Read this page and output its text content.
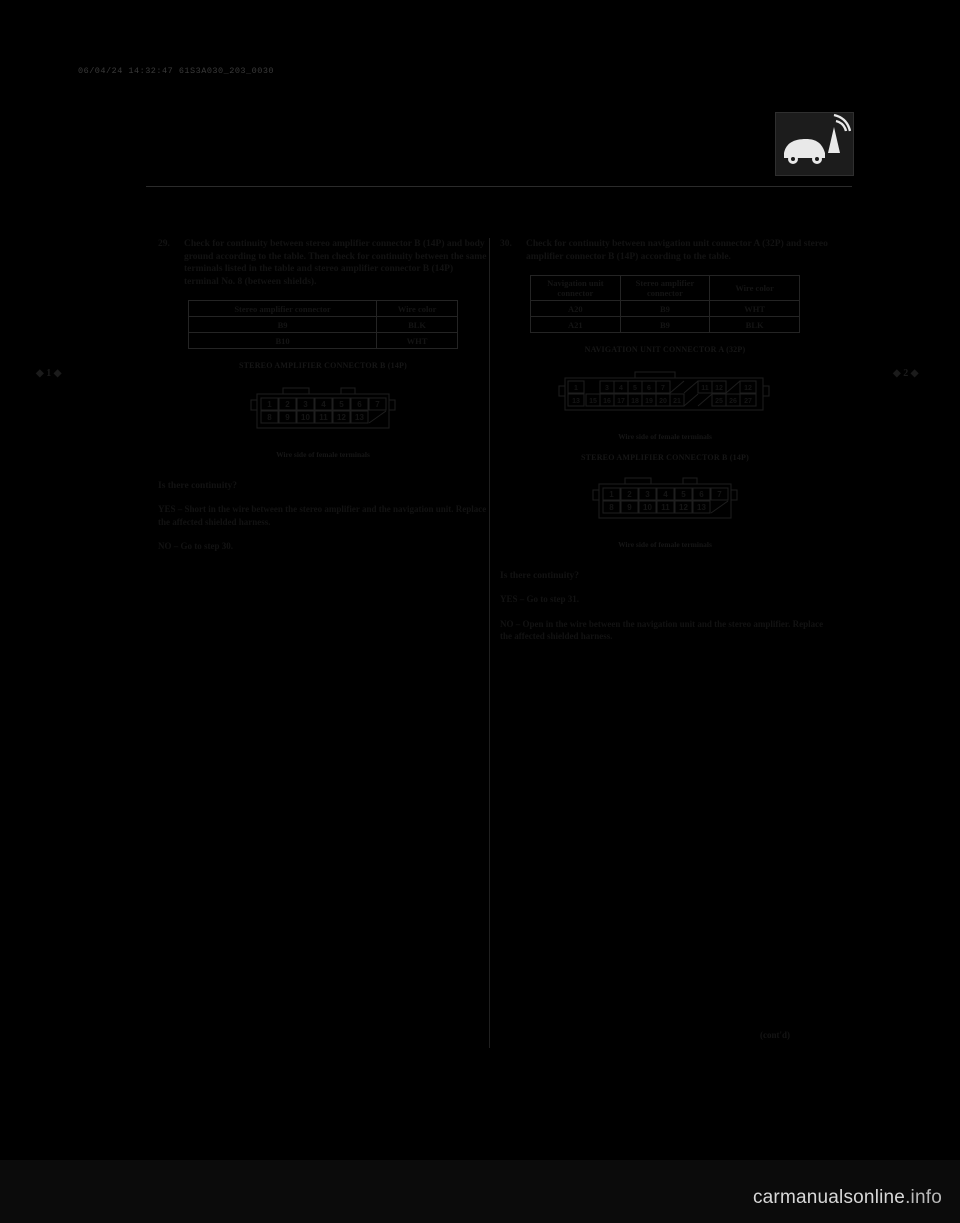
06/04/24 14:32:47 61S3A030_203_0030
◆ 1 ◆	◆ 2 ◆
29.	Check for continuity between stereo amplifier connector B (14P) and body ground according to the table. Then check for continuity between the same terminals listed in the table and stereo amplifier connector B (14P) terminal No. 8 (between shields).
Stereo amplifier connector	Wire color
B9	BLK
B10	WHT
STEREO AMPLIFIER CONNECTOR B (14P)
1 2 3 4 5 6 7
8 9 10 11 12 13
Wire side of female terminals
Is there continuity?
YES – Short in the wire between the stereo amplifier and the navigation unit. Replace the affected shielded harness.
NO – Go to step 30.
30.	Check for continuity between navigation unit connector A (32P) and stereo amplifier connector B (14P) according to the table.
Navigation unit connector	Stereo amplifier connector	Wire color
A20	B9	WHT
A21	B9	BLK
NAVIGATION UNIT CONNECTOR A (32P)
1	3 4 5 6 7	11 12	12
13 15 16 17 18 19 20 21	25 26 27
Wire side of female terminals
STEREO AMPLIFIER CONNECTOR B (14P)
1 2 3 4 5 6 7
8 9 10 11 12 13
Wire side of female terminals
Is there continuity?
YES – Go to step 31.
NO – Open in the wire between the navigation unit and the stereo amplifier. Replace the affected shielded harness.
(cont'd)
carmanualsonline.info
